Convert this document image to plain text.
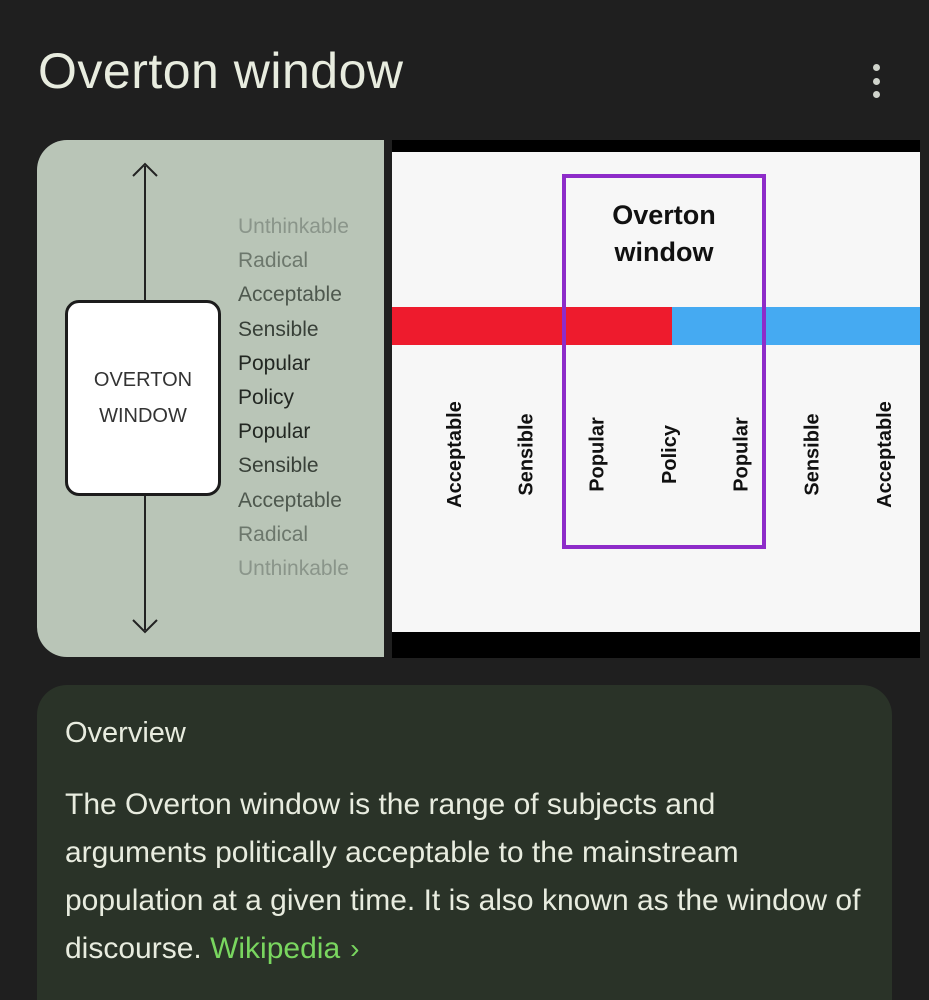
Overton window
OVERTON
WINDOW
Unthinkable
Radical
Acceptable
Sensible
Popular
Policy
Popular
Sensible
Acceptable
Radical
Unthinkable
Overton
window
Acceptable	Sensible Popular	Policy	Popular Sensible Acceptable
Overview

The Overton window is the range of subjects and arguments politically acceptable to the mainstream population at a given time. It is also known as the window of discourse. Wikipedia ›
